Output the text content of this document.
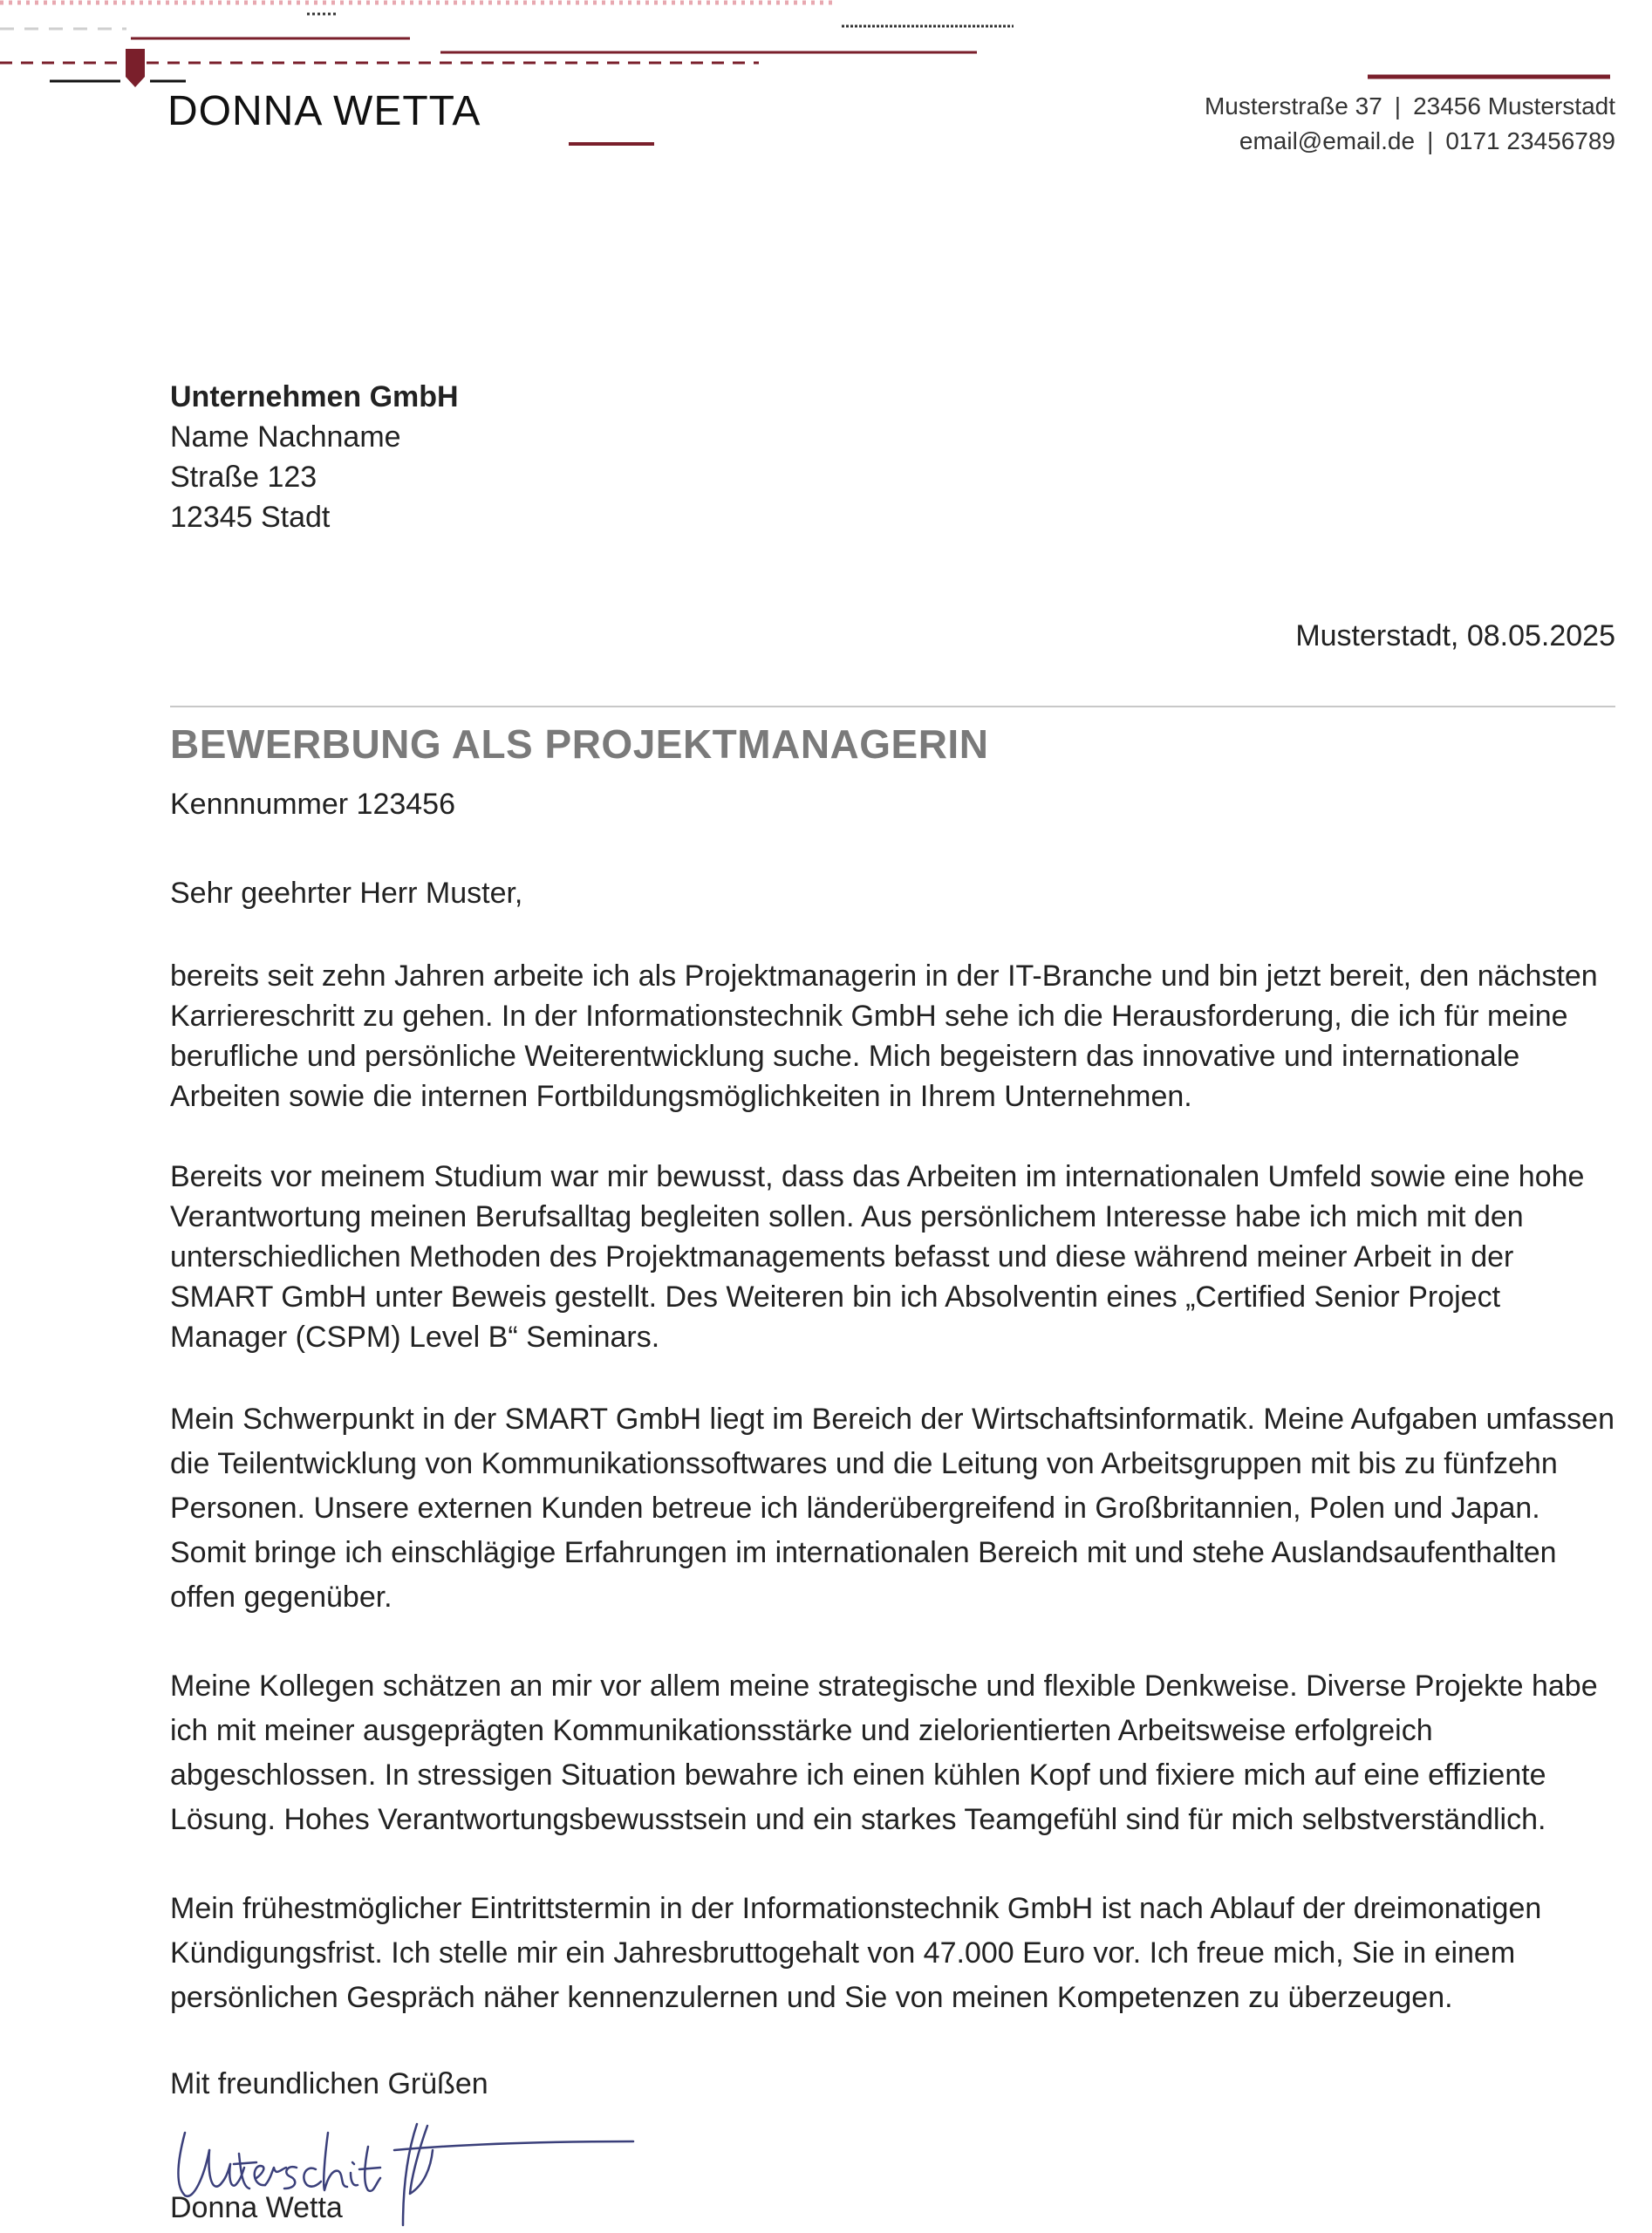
DONNA WETTA	Musterstraße 37 | 23456 Musterstadt
email@email.de | 0171 23456789
Unternehmen GmbH
Name Nachname
Straße 123
12345 Stadt
Musterstadt, 08.05.2025
BEWERBUNG ALS PROJEKTMANAGERIN
Kennnummer 123456
Sehr geehrter Herr Muster,

bereits seit zehn Jahren arbeite ich als Projektmanagerin in der IT-Branche und bin jetzt bereit, den nächsten Karriereschritt zu gehen. In der Informationstechnik GmbH sehe ich die Herausforderung, die ich für meine berufliche und persönliche Weiterentwicklung suche. Mich begeistern das innovative und internationale Arbeiten sowie die internen Fortbildungsmöglichkeiten in Ihrem Unternehmen.

Bereits vor meinem Studium war mir bewusst, dass das Arbeiten im internationalen Umfeld sowie eine hohe Verantwortung meinen Berufsalltag begleiten sollen. Aus persönlichem Interesse habe ich mich mit den unterschiedlichen Methoden des Projektmanagements befasst und diese während meiner Arbeit in der SMART GmbH unter Beweis gestellt. Des Weiteren bin ich Absolventin eines „Certified Senior Project Manager (CSPM) Level B“ Seminars.

Mein Schwerpunkt in der SMART GmbH liegt im Bereich der Wirtschaftsinformatik. Meine Aufgaben umfassen die Teilentwicklung von Kommunikationssoftwares und die Leitung von Arbeitsgruppen mit bis zu fünfzehn Personen. Unsere externen Kunden betreue ich länderübergreifend in Großbritannien, Polen und Japan. Somit bringe ich einschlägige Erfahrungen im internationalen Bereich mit und stehe Auslandsaufenthalten offen gegenüber.

Meine Kollegen schätzen an mir vor allem meine strategische und flexible Denkweise. Diverse Projekte habe ich mit meiner ausgeprägten Kommunikationsstärke und zielorientierten Arbeitsweise erfolgreich abgeschlossen. In stressigen Situation bewahre ich einen kühlen Kopf und fixiere mich auf eine effiziente Lösung. Hohes Verantwortungsbewusstsein und ein starkes Teamgefühl sind für mich selbstverständlich.

Mein frühestmöglicher Eintrittstermin in der Informationstechnik GmbH ist nach Ablauf der dreimonatigen Kündigungsfrist. Ich stelle mir ein Jahresbruttogehalt von 47.000 Euro vor. Ich freue mich, Sie in einem persönlichen Gespräch näher kennenzulernen und Sie von meinen Kompetenzen zu überzeugen.

Mit freundlichen Grüßen
Donna Wetta
